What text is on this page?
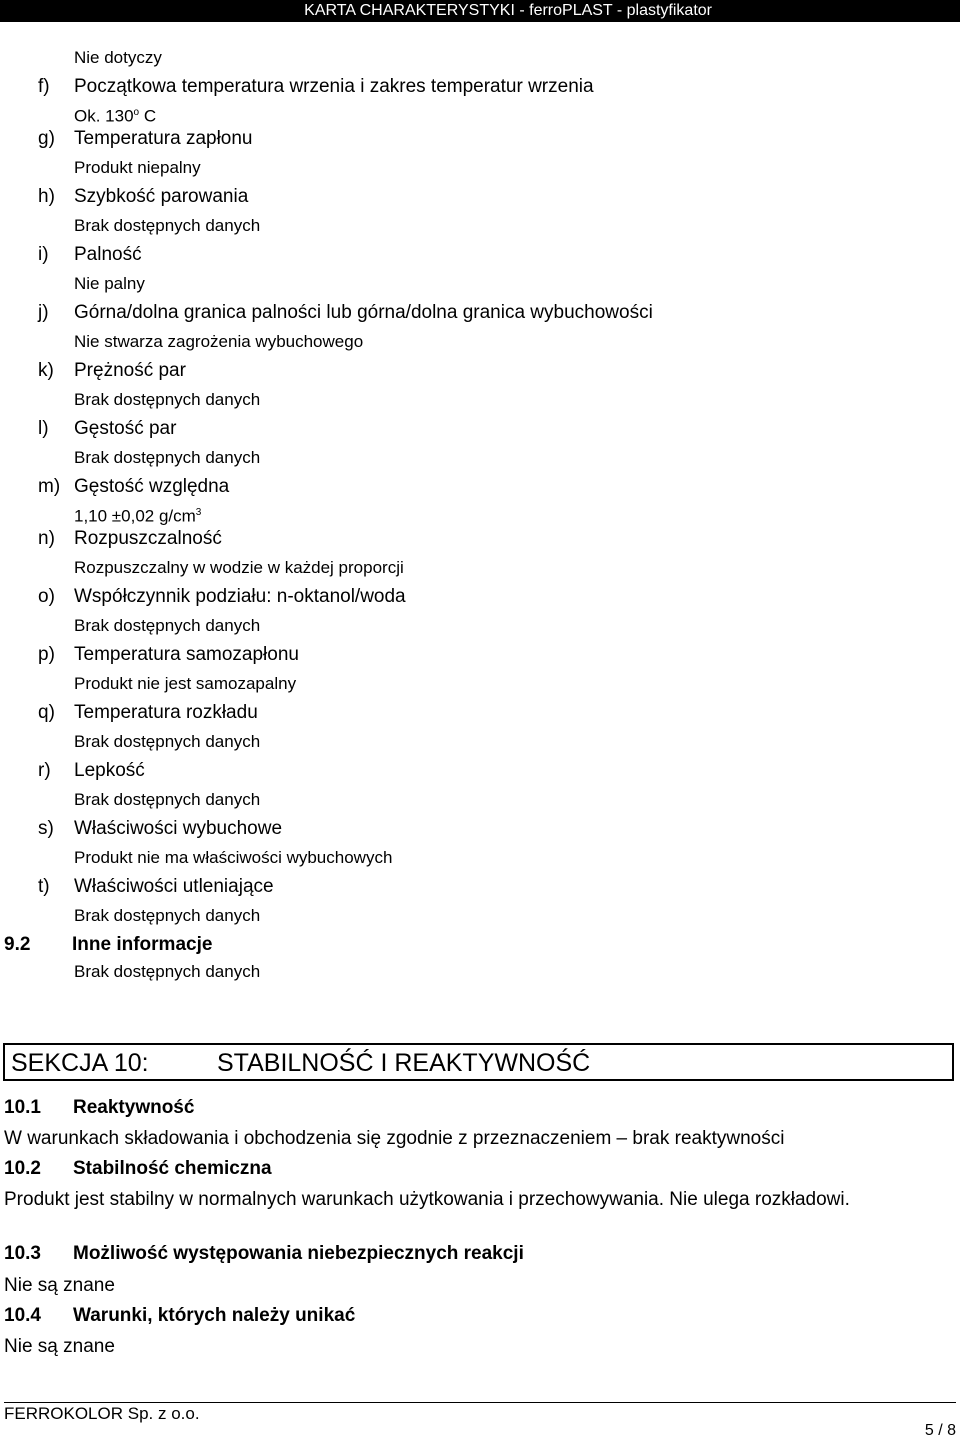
KARTA CHARAKTERYSTYKI - ferroPLAST - plastyfikator
Nie dotyczy
f) Początkowa temperatura wrzenia i zakres temperatur wrzenia
Ok. 130$^o$ C
g) Temperatura zapłonu
Produkt niepalny
h) Szybkość parowania
Brak dostępnych danych
i) Palność
Nie palny
j) Górna/dolna granica palności lub górna/dolna granica wybuchowości
Nie stwarza zagrożenia wybuchowego
k) Prężność par
Brak dostępnych danych
l) Gęstość par
Brak dostępnych danych
m) Gęstość względna
1,10 ±0,02 $g/cm^3$
n) Rozpuszczalność
Rozpuszczalny w wodzie w każdej proporcji
o) Współczynnik podziału: n-oktanol/woda
Brak dostępnych danych
p) Temperatura samozapłonu
Produkt nie jest samozapalny
q) Temperatura rozkładu
Brak dostępnych danych
r) Lepkość
Brak dostępnych danych
s) Właściwości wybuchowe
Produkt nie ma właściwości wybuchowych
t) Właściwości utleniające
Brak dostępnych danych
9.2 Inne informacje
Brak dostępnych danych
SEKCJA 10:	STABILNOŚĆ I REAKTYWNOŚĆ
10.1 Reaktywność
W warunkach składowania i obchodzenia się zgodnie z przeznaczeniem – brak reaktywności
10.2 Stabilność chemiczna
Produkt jest stabilny w normalnych warunkach użytkowania i przechowywania. Nie ulega rozkładowi.
10.3 Możliwość występowania niebezpiecznych reakcji
Nie są znane
10.4 Warunki, których należy unikać
Nie są znane
FERROKOLOR Sp. z o.o.
5 / 8
